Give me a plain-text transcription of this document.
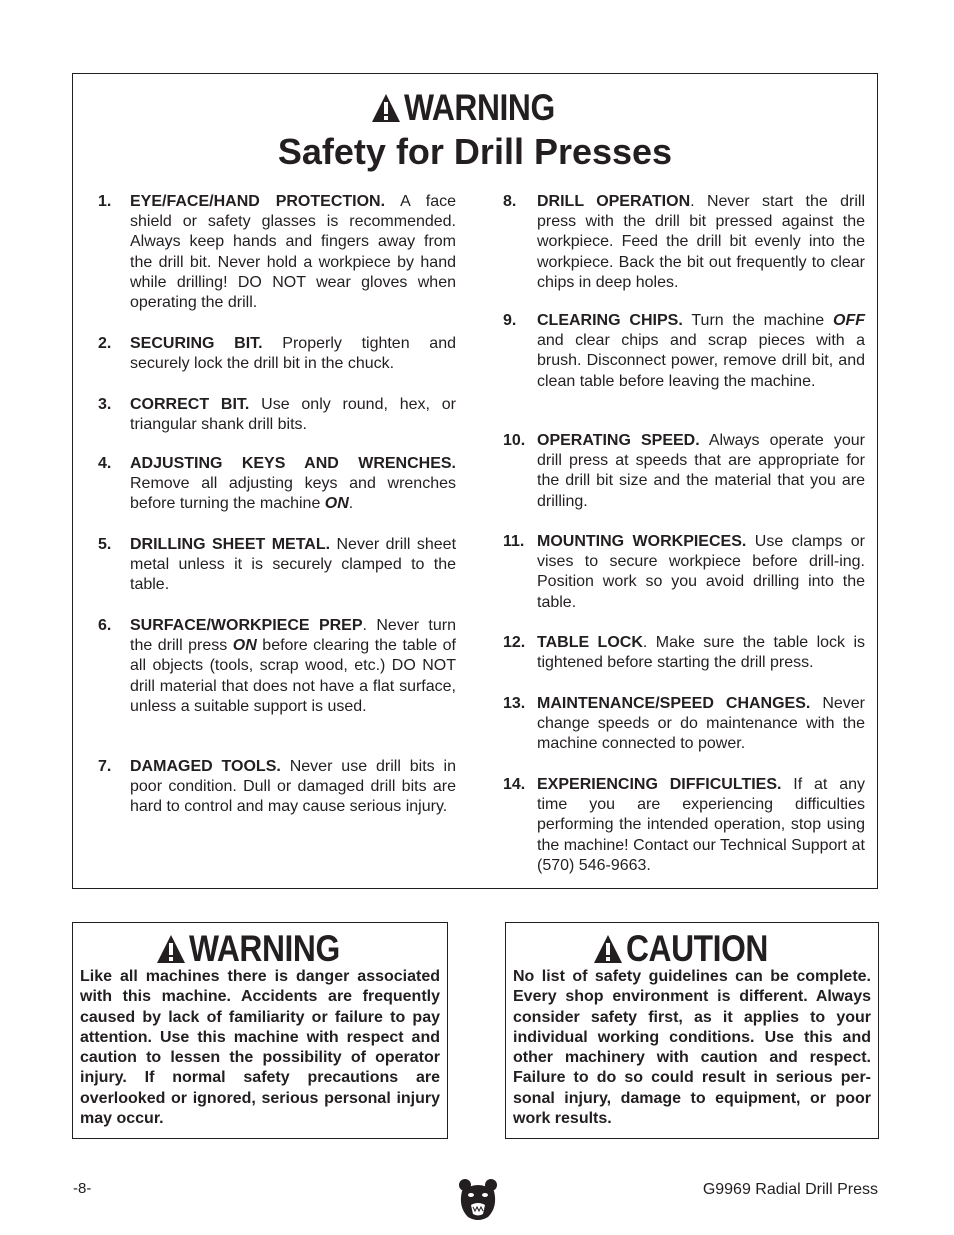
WARNING
Safety for Drill Presses
1.	EYE/FACE/HAND PROTECTION. A face shield or safety glasses is recommended. Always keep hands and fingers away from the drill bit. Never hold a workpiece by hand while drilling! DO NOT wear gloves when operating the drill.
2.	SECURING BIT. Properly tighten and securely lock the drill bit in the chuck.
3.	CORRECT BIT. Use only round, hex, or triangular shank drill bits.
4.	ADJUSTING KEYS AND WRENCHES. Remove all adjusting keys and wrenches before turning the machine ON.
5.	DRILLING SHEET METAL. Never drill sheet metal unless it is securely clamped to the table.
6.	SURFACE/WORKPIECE PREP. Never turn the drill press ON before clearing the table of all objects (tools, scrap wood, etc.) DO NOT drill material that does not have a flat surface, unless a suitable support is used.
7.	DAMAGED TOOLS. Never use drill bits in poor condition. Dull or damaged drill bits are hard to control and may cause serious injury.
8.	DRILL OPERATION. Never start the drill press with the drill bit pressed against the workpiece. Feed the drill bit evenly into the workpiece. Back the bit out frequently to clear chips in deep holes.
9.	CLEARING CHIPS. Turn the machine OFF and clear chips and scrap pieces with a brush. Disconnect power, remove drill bit, and clean table before leaving the machine.
10. OPERATING SPEED. Always operate your drill press at speeds that are appropriate for the drill bit size and the material that you are drilling.
11. MOUNTING WORKPIECES. Use clamps or vises to secure workpiece before drill-ing. Position work so you avoid drilling into the table.
12. TABLE LOCK. Make sure the table lock is tightened before starting the drill press.
13. MAINTENANCE/SPEED CHANGES. Never change speeds or do maintenance with the machine connected to power.
14. EXPERIENCING DIFFICULTIES. If at any time you are experiencing difficulties performing the intended operation, stop using the machine! Contact our Technical Support at (570) 546-9663.
WARNING
Like all machines there is danger associated with this machine. Accidents are frequently caused by lack of familiarity or failure to pay attention. Use this machine with respect and caution to lessen the possibility of operator injury. If normal safety precautions are overlooked or ignored, serious personal injury may occur.
CAUTION
No list of safety guidelines can be complete. Every shop environment is different. Always consider safety first, as it applies to your individual working conditions. Use this and other machinery with caution and respect. Failure to do so could result in serious per-sonal injury, damage to equipment, or poor work results.
-8-	G9969 Radial Drill Press
